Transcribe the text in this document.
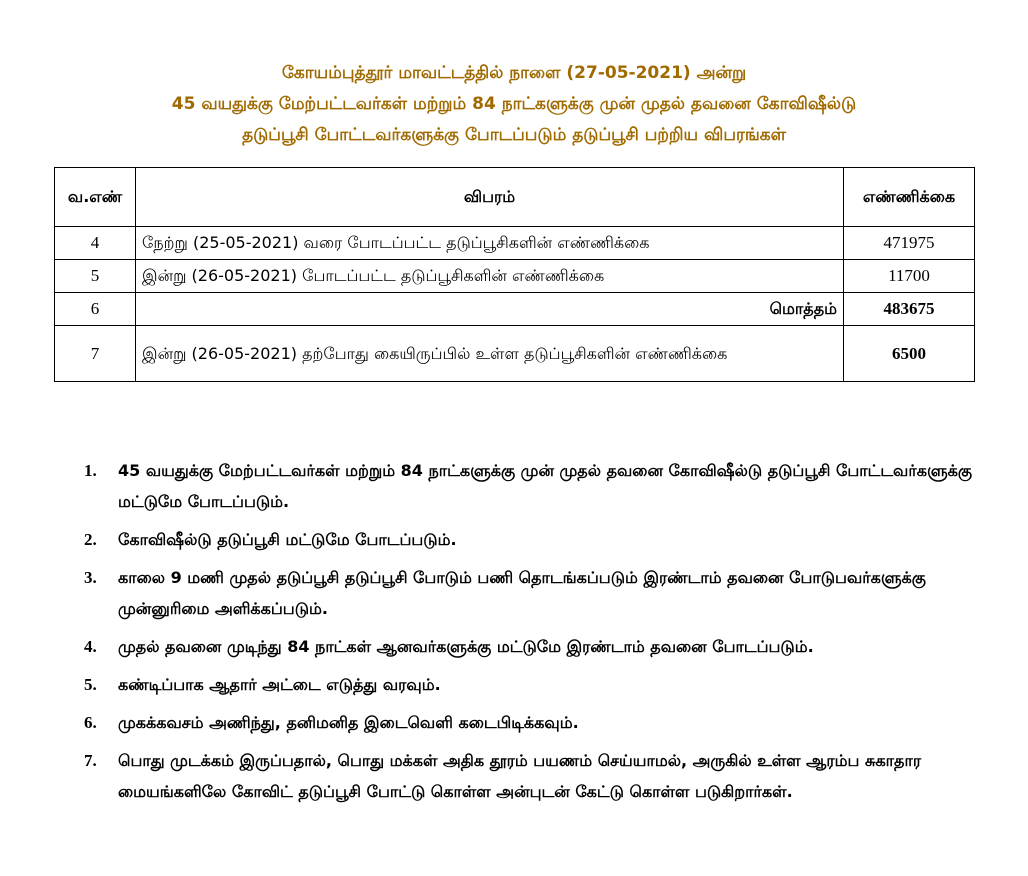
கோயம்புத்தூர் மாவட்டத்தில் நாளை (27-05-2021) அன்று
45 வயதுக்கு மேற்பட்டவர்கள் மற்றும் 84 நாட்களுக்கு முன் முதல் தவனை கோவிஷீல்டு
தடுப்பூசி போட்டவர்களுக்கு போடப்படும் தடுப்பூசி பற்றிய விபரங்கள்
வ.எண்	விபரம்	எண்ணிக்கை
4	நேற்று (25-05-2021) வரை போடப்பட்ட தடுப்பூசிகளின் எண்ணிக்கை	471975
5	இன்று (26-05-2021) போடப்பட்ட தடுப்பூசிகளின் எண்ணிக்கை	11700
6	மொத்தம்	483675
7	இன்று (26-05-2021) தற்போது கையிருப்பில் உள்ள தடுப்பூசிகளின் எண்ணிக்கை	6500
1.	45 வயதுக்கு மேற்பட்டவர்கள் மற்றும் 84 நாட்களுக்கு முன் முதல் தவனை கோவிஷீல்டு தடுப்பூசி போட்டவர்களுக்கு மட்டுமே போடப்படும்.
2.	கோவிஷீல்டு தடுப்பூசி மட்டுமே போடப்படும்.
3.	காலை 9 மணி முதல் தடுப்பூசி தடுப்பூசி போடும் பணி தொடங்கப்படும் இரண்டாம் தவனை போடுபவர்களுக்கு முன்னுரிமை அளிக்கப்படும்.
4.	முதல் தவனை முடிந்து 84 நாட்கள் ஆனவர்களுக்கு மட்டுமே இரண்டாம் தவனை போடப்படும்.
5.	கண்டிப்பாக ஆதார் அட்டை எடுத்து வரவும்.
6.	முகக்கவசம் அணிந்து, தனிமனித இடைவெளி கடைபிடிக்கவும்.
7.	பொது முடக்கம் இருப்பதால், பொது மக்கள் அதிக தூரம் பயணம் செய்யாமல், அருகில் உள்ள ஆரம்ப சுகாதார மையங்களிலே கோவிட் தடுப்பூசி போட்டு கொள்ள அன்புடன் கேட்டு கொள்ள படுகிறார்கள்.
